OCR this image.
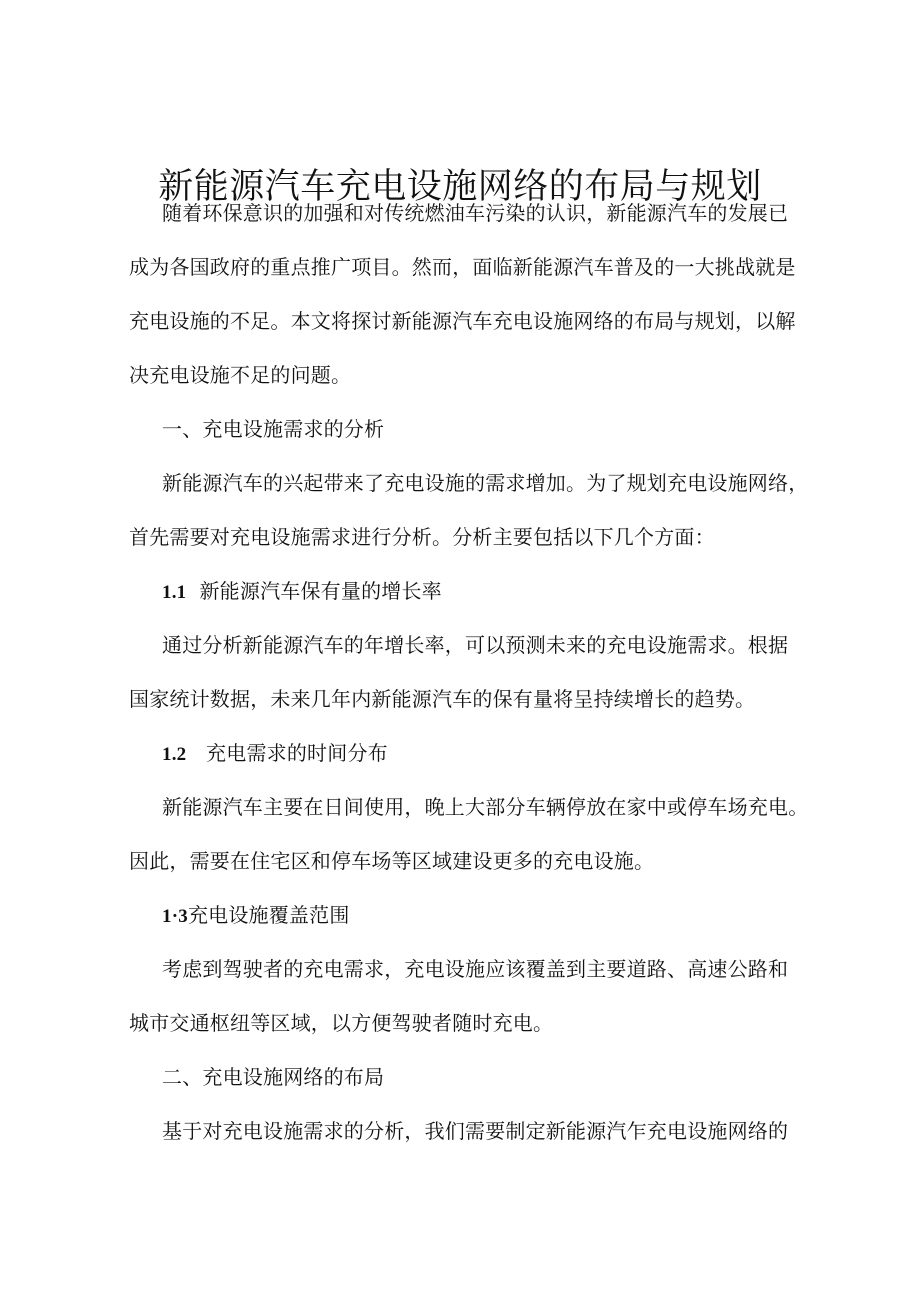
新能源汽车充电设施网络的布局与规划
随着环保意识的加强和对传统燃油车污染的认识，新能源汽车的发展已
成为各国政府的重点推广项目。然而，面临新能源汽车普及的一大挑战就是
充电设施的不足。本文将探讨新能源汽车充电设施网络的布局与规划，以解
决充电设施不足的问题。
一、充电设施需求的分析
新能源汽车的兴起带来了充电设施的需求增加。为了规划充电设施网络，
首先需要对充电设施需求进行分析。分析主要包括以下几个方面：
1.1 新能源汽车保有量的增长率
通过分析新能源汽车的年增长率，可以预测未来的充电设施需求。根据
国家统计数据，未来几年内新能源汽车的保有量将呈持续增长的趋势。
1.2 充电需求的时间分布
新能源汽车主要在日间使用，晚上大部分车辆停放在家中或停车场充电。
因此，需要在住宅区和停车场等区域建设更多的充电设施。
1·3充电设施覆盖范围
考虑到驾驶者的充电需求，充电设施应该覆盖到主要道路、高速公路和
城市交通枢纽等区域，以方便驾驶者随时充电。
二、充电设施网络的布局
基于对充电设施需求的分析，我们需要制定新能源汽乍充电设施网络的
